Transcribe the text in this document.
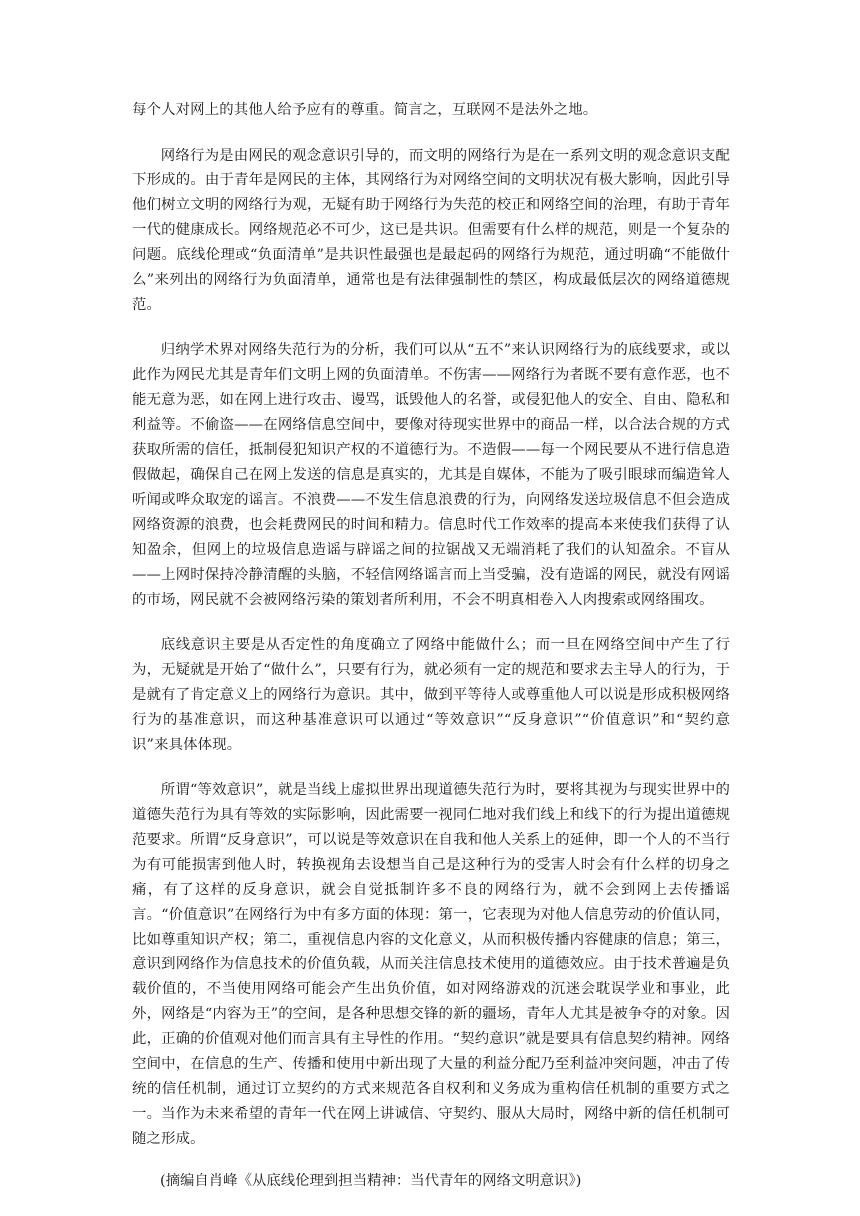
每个人对网上的其他人给予应有的尊重。简言之，互联网不是法外之地。

网络行为是由网民的观念意识引导的，而文明的网络行为是在一系列文明的观念意识支配下形成的。由于青年是网民的主体，其网络行为对网络空间的文明状况有极大影响，因此引导他们树立文明的网络行为观，无疑有助于网络行为失范的校正和网络空间的治理，有助于青年一代的健康成长。网络规范必不可少，这已是共识。但需要有什么样的规范，则是一个复杂的问题。底线伦理或“负面清单”是共识性最强也是最起码的网络行为规范，通过明确“不能做什么”来列出的网络行为负面清单，通常也是有法律强制性的禁区，构成最低层次的网络道德规范。

归纳学术界对网络失范行为的分析，我们可以从“五不”来认识网络行为的底线要求，或以此作为网民尤其是青年们文明上网的负面清单。不伤害——网络行为者既不要有意作恶，也不能无意为恶，如在网上进行攻击、谩骂，诋毁他人的名誉，或侵犯他人的安全、自由、隐私和利益等。不偷盗——在网络信息空间中，要像对待现实世界中的商品一样，以合法合规的方式获取所需的信任，抵制侵犯知识产权的不道德行为。不造假——每一个网民要从不进行信息造假做起，确保自己在网上发送的信息是真实的，尤其是自媒体，不能为了吸引眼球而编造耸人听闻或哗众取宠的谣言。不浪费——不发生信息浪费的行为，向网络发送垃圾信息不但会造成网络资源的浪费，也会耗费网民的时间和精力。信息时代工作效率的提高本来使我们获得了认知盈余，但网上的垃圾信息造谣与辟谣之间的拉锯战又无端消耗了我们的认知盈余。不盲从——上网时保持冷静清醒的头脑，不轻信网络谣言而上当受骗，没有造谣的网民，就没有网谣的市场，网民就不会被网络污染的策划者所利用，不会不明真相卷入人肉搜索或网络围攻。

底线意识主要是从否定性的角度确立了网络中能做什么；而一旦在网络空间中产生了行为，无疑就是开始了“做什么”，只要有行为，就必须有一定的规范和要求去主导人的行为，于是就有了肯定意义上的网络行为意识。其中，做到平等待人或尊重他人可以说是形成积极网络行为的基准意识，而这种基准意识可以通过“等效意识”“反身意识”“价值意识”和“契约意识”来具体体现。

所谓“等效意识”，就是当线上虚拟世界出现道德失范行为时，要将其视为与现实世界中的道德失范行为具有等效的实际影响，因此需要一视同仁地对我们线上和线下的行为提出道德规范要求。所谓“反身意识”，可以说是等效意识在自我和他人关系上的延伸，即一个人的不当行为有可能损害到他人时，转换视角去设想当自己是这种行为的受害人时会有什么样的切身之痛，有了这样的反身意识，就会自觉抵制许多不良的网络行为，就不会到网上去传播谣言。“价值意识”在网络行为中有多方面的体现：第一，它表现为对他人信息劳动的价值认同，比如尊重知识产权；第二，重视信息内容的文化意义，从而积极传播内容健康的信息；第三，意识到网络作为信息技术的价值负载，从而关注信息技术使用的道德效应。由于技术普遍是负载价值的，不当使用网络可能会产生出负价值，如对网络游戏的沉迷会耽误学业和事业，此外，网络是“内容为王”的空间，是各种思想交锋的新的疆场，青年人尤其是被争夺的对象。因此，正确的价值观对他们而言具有主导性的作用。“契约意识”就是要具有信息契约精神。网络空间中，在信息的生产、传播和使用中新出现了大量的利益分配乃至利益冲突问题，冲击了传统的信任机制，通过订立契约的方式来规范各自权利和义务成为重构信任机制的重要方式之一。当作为未来希望的青年一代在网上讲诚信、守契约、服从大局时，网络中新的信任机制可随之形成。

(摘编自肖峰《从底线伦理到担当精神：当代青年的网络文明意识》)
